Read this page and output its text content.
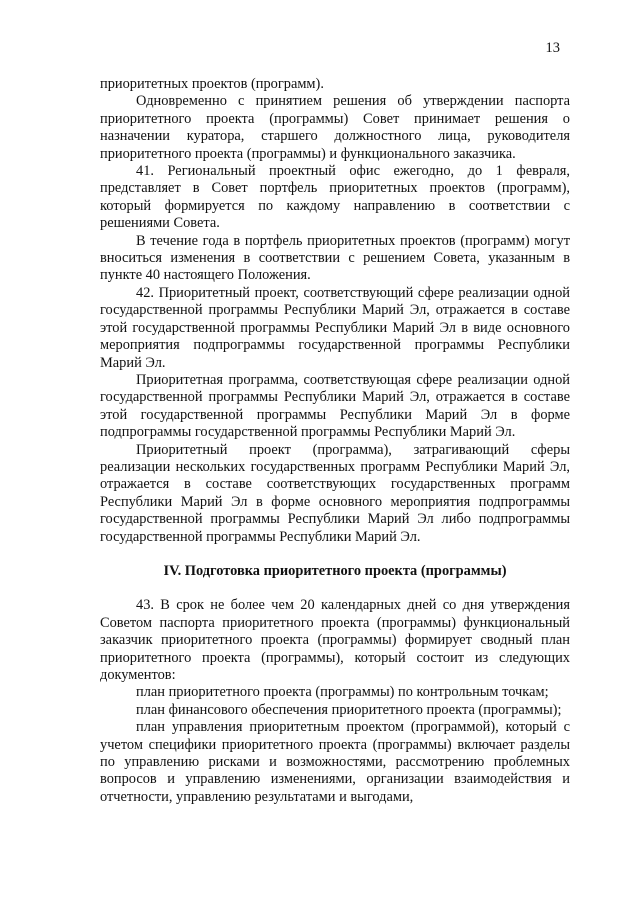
13

приоритетных проектов (программ).

Одновременно с принятием решения об утверждении паспорта приоритетного проекта (программы) Совет принимает решения о назначении куратора, старшего должностного лица, руководителя приоритетного проекта (программы) и функционального заказчика.

41. Региональный проектный офис ежегодно, до 1 февраля, представляет в Совет портфель приоритетных проектов (программ), который формируется по каждому направлению в соответствии с решениями Совета.

В течение года в портфель приоритетных проектов (программ) могут вноситься изменения в соответствии с решением Совета, указанным в пункте 40 настоящего Положения.

42. Приоритетный проект, соответствующий сфере реализации одной государственной программы Республики Марий Эл, отражается в составе этой государственной программы Республики Марий Эл в виде основного мероприятия подпрограммы государственной программы Республики Марий Эл.

Приоритетная программа, соответствующая сфере реализации одной государственной программы Республики Марий Эл, отражается в составе этой государственной программы Республики Марий Эл в форме подпрограммы государственной программы Республики Марий Эл.

Приоритетный проект (программа), затрагивающий сферы реализации нескольких государственных программ Республики Марий Эл, отражается в составе соответствующих государственных программ Республики Марий Эл в форме основного мероприятия подпрограммы государственной программы Республики Марий Эл либо подпрограммы государственной программы Республики Марий Эл.

IV. Подготовка приоритетного проекта (программы)

43. В срок не более чем 20 календарных дней со дня утверждения Советом паспорта приоритетного проекта (программы) функциональный заказчик приоритетного проекта (программы) формирует сводный план приоритетного проекта (программы), который состоит из следующих документов:

план приоритетного проекта (программы) по контрольным точкам;

план финансового обеспечения приоритетного проекта (программы);

план управления приоритетным проектом (программой), который с учетом специфики приоритетного проекта (программы) включает разделы по управлению рисками и возможностями, рассмотрению проблемных вопросов и управлению изменениями, организации взаимодействия и отчетности, управлению результатами и выгодами,
